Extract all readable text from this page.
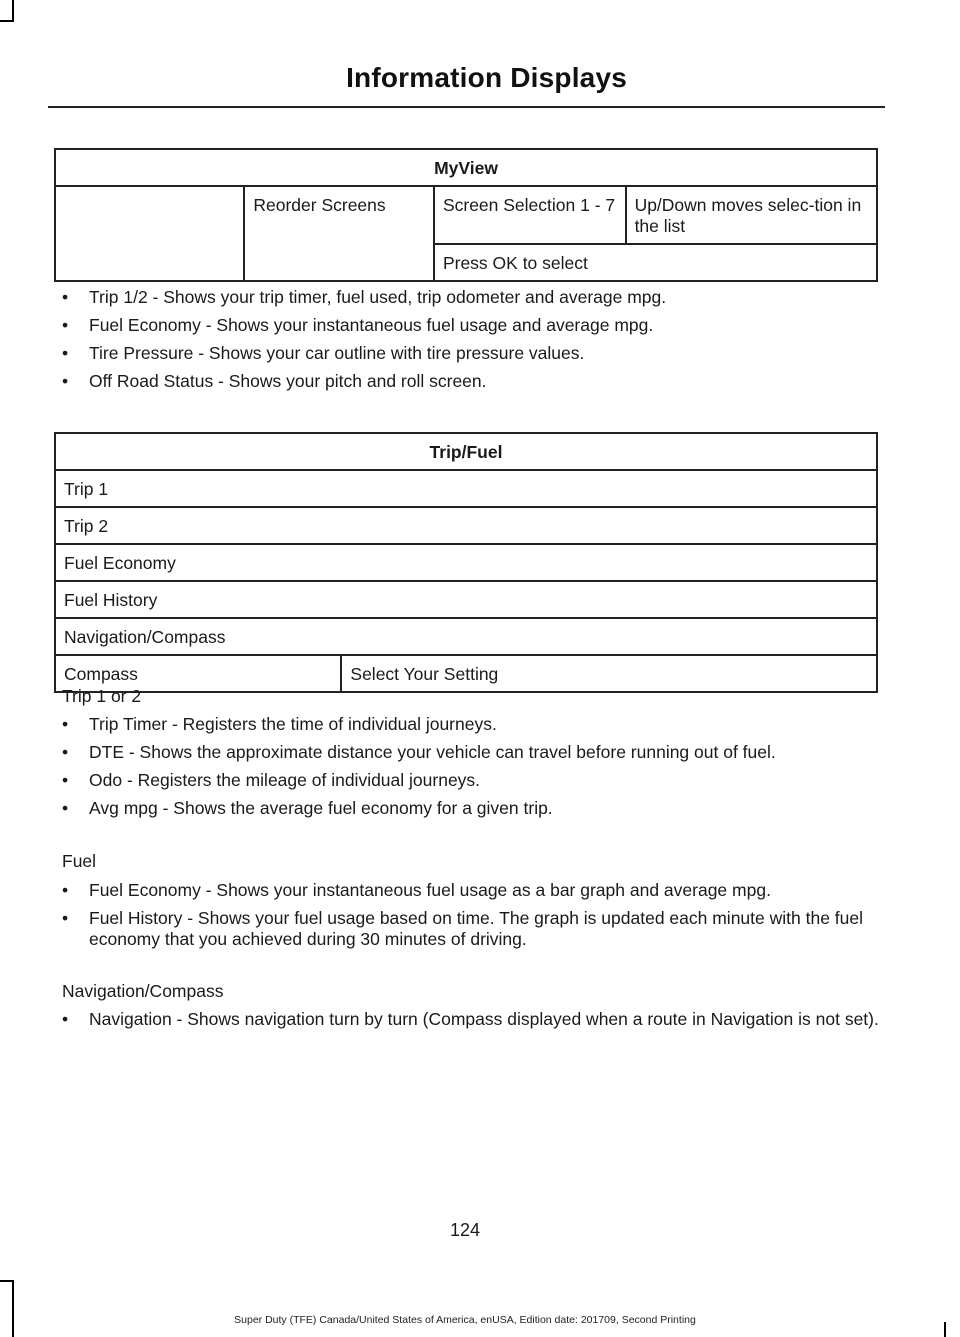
Information Displays
MyView
	Reorder Screens	Screen Selection 1 - 7	Up/Down moves selec-tion in the list
Press OK to select
• Trip 1/2 - Shows your trip timer, fuel used, trip odometer and average mpg.
• Fuel Economy - Shows your instantaneous fuel usage and average mpg.
• Tire Pressure - Shows your car outline with tire pressure values.
• Off Road Status - Shows your pitch and roll screen.
Trip/Fuel
Trip 1
Trip 2
Fuel Economy
Fuel History
Navigation/Compass
Compass	Select Your Setting
Trip 1 or 2
• Trip Timer - Registers the time of individual journeys.
• DTE - Shows the approximate distance your vehicle can travel before running out of fuel.
• Odo - Registers the mileage of individual journeys.
• Avg mpg - Shows the average fuel economy for a given trip.
Fuel
• Fuel Economy - Shows your instantaneous fuel usage as a bar graph and average mpg.
• Fuel History - Shows your fuel usage based on time. The graph is updated each minute with the fuel economy that you achieved during 30 minutes of driving.
Navigation/Compass
• Navigation - Shows navigation turn by turn (Compass displayed when a route in Navigation is not set).
124
Super Duty (TFE) Canada/United States of America, enUSA, Edition date: 201709, Second Printing
